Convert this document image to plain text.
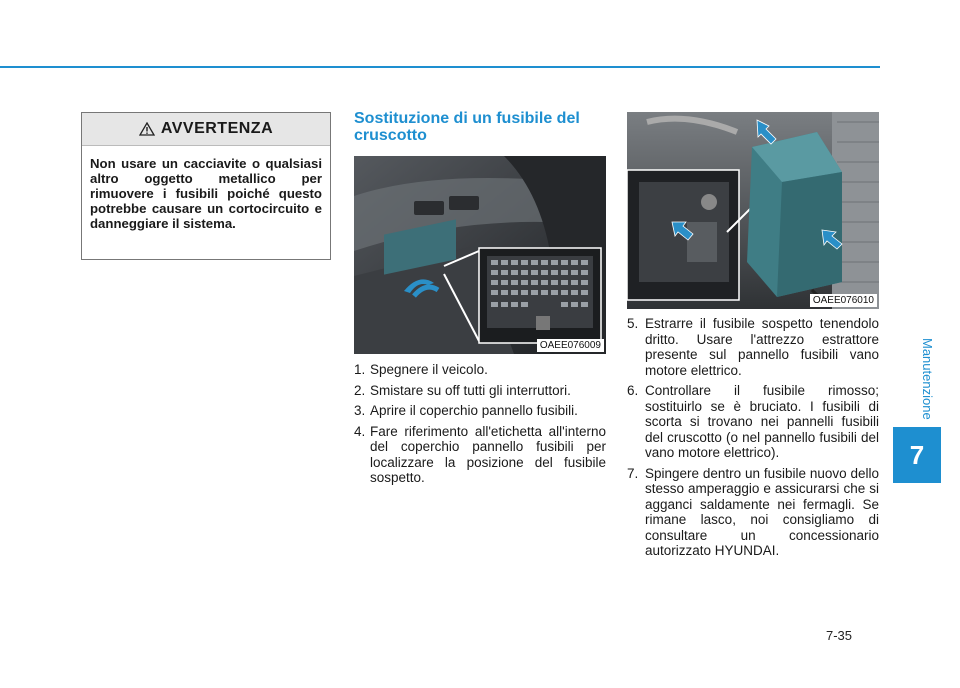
Manutenzione
7
AVVERTENZA
Non usare un cacciavite o qualsiasi altro oggetto metallico per rimuovere i fusibili poiché questo potrebbe causare un cortocircuito e danneggiare il sistema.
Sostituzione di un fusibile del cruscotto
OAEE076009
OAEE076010
1. Spegnere il veicolo.
2. Smistare su off tutti gli interruttori.
3. Aprire il coperchio pannello fusibili.
4. Fare riferimento all'etichetta all'interno del coperchio pannello fusibili per localizzare la posizione del fusibile sospetto.
5. Estrarre il fusibile sospetto tenendolo dritto. Usare l'attrezzo estrattore presente sul pannello fusibili vano motore elettrico.
6. Controllare il fusibile rimosso; sostituirlo se è bruciato. I fusibili di scorta si trovano nei pannelli fusibili del cruscotto (o nel pannello fusibili del vano motore elettrico).
7. Spingere dentro un fusibile nuovo dello stesso amperaggio e assicurarsi che si agganci saldamente nei fermagli. Se rimane lasco, noi consigliamo di consultare un concessionario autorizzato HYUNDAI.
7-35
